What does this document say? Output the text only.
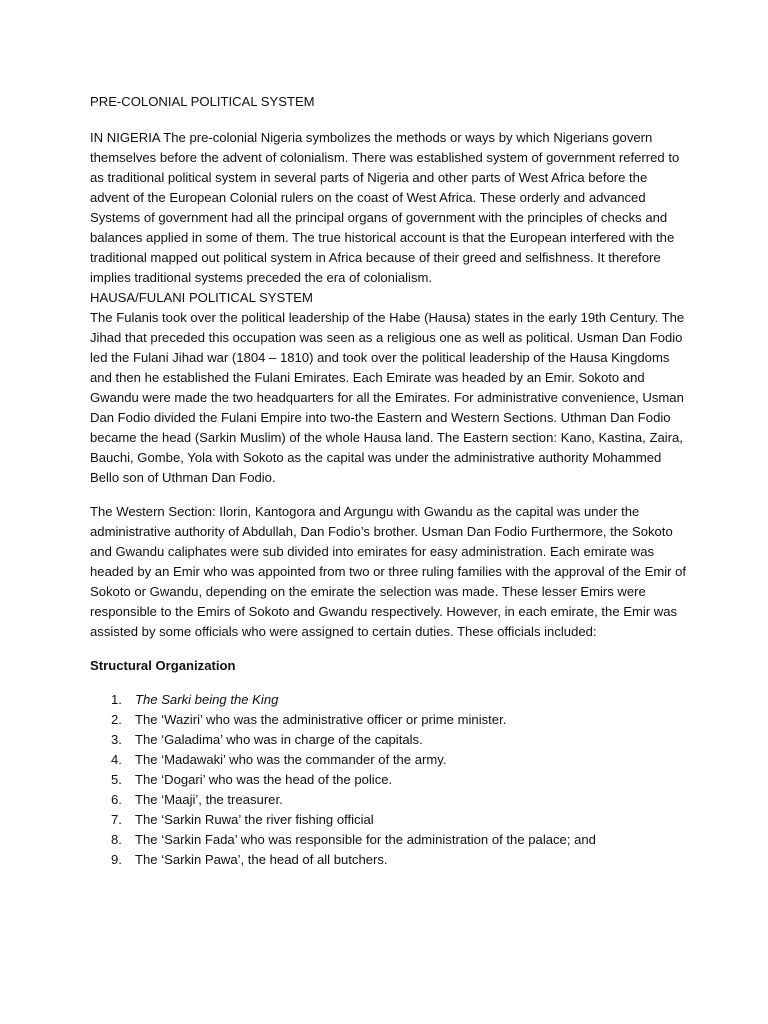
PRE-COLONIAL POLITICAL SYSTEM

IN NIGERIA The pre-colonial Nigeria symbolizes the methods or ways by which Nigerians govern themselves before the advent of colonialism. There was established system of government referred to as traditional political system in several parts of Nigeria and other parts of West Africa before the advent of the European Colonial rulers on the coast of West Africa. These orderly and advanced Systems of government had all the principal organs of government with the principles of checks and balances applied in some of them. The true historical account is that the European interfered with the traditional mapped out political system in Africa because of their greed and selfishness. It therefore implies traditional systems preceded the era of colonialism.

HAUSA/FULANI POLITICAL SYSTEM

The Fulanis took over the political leadership of the Habe (Hausa) states in the early 19th Century. The Jihad that preceded this occupation was seen as a religious one as well as political. Usman Dan Fodio led the Fulani Jihad war (1804 – 1810) and took over the political leadership of the Hausa Kingdoms and then he established the Fulani Emirates. Each Emirate was headed by an Emir. Sokoto and Gwandu were made the two headquarters for all the Emirates. For administrative convenience, Usman Dan Fodio divided the Fulani Empire into two-the Eastern and Western Sections. Uthman Dan Fodio became the head (Sarkin Muslim) of the whole Hausa land. The Eastern section: Kano, Kastina, Zaira, Bauchi, Gombe, Yola with Sokoto as the capital was under the administrative authority Mohammed Bello son of Uthman Dan Fodio.

The Western Section: Ilorin, Kantogora and Argungu with Gwandu as the capital was under the administrative authority of Abdullah, Dan Fodio’s brother. Usman Dan Fodio Furthermore, the Sokoto and Gwandu caliphates were sub divided into emirates for easy administration. Each emirate was headed by an Emir who was appointed from two or three ruling families with the approval of the Emir of Sokoto or Gwandu, depending on the emirate the selection was made. These lesser Emirs were responsible to the Emirs of Sokoto and Gwandu respectively. However, in each emirate, the Emir was assisted by some officials who were assigned to certain duties. These officials included:

Structural Organization
1. The Sarki being the King
2. The ‘Waziri’ who was the administrative officer or prime minister.
3. The ‘Galadima’ who was in charge of the capitals.
4. The ‘Madawaki’ who was the commander of the army.
5. The ‘Dogari’ who was the head of the police.
6. The ‘Maaji’, the treasurer.
7. The ‘Sarkin Ruwa’ the river fishing official
8. The ‘Sarkin Fada’ who was responsible for the administration of the palace; and
9. The ‘Sarkin Pawa’, the head of all butchers.
